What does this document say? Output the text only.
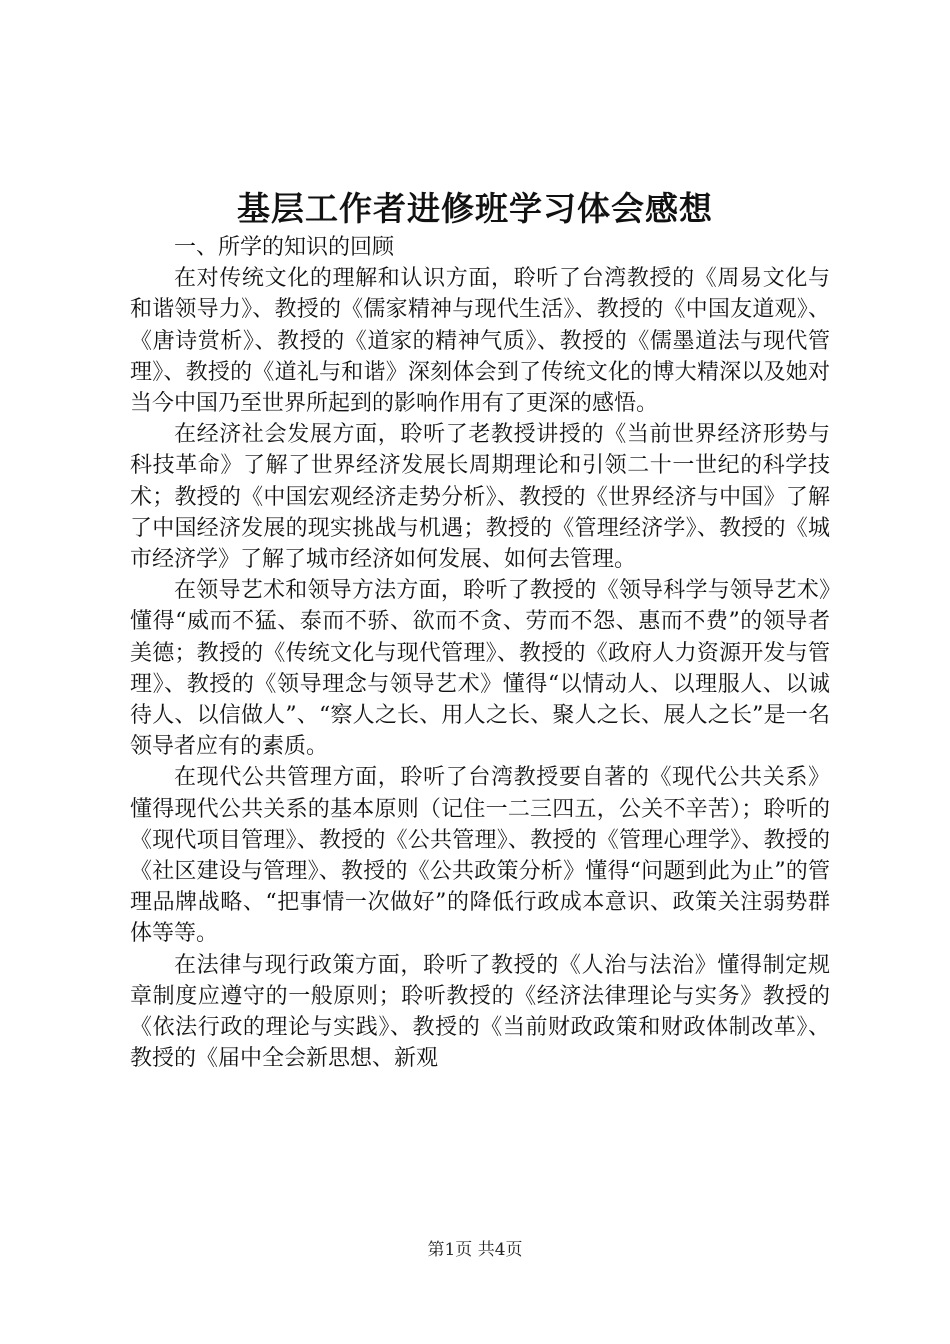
基层工作者进修班学习体会感想

一、所学的知识的回顾

在对传统文化的理解和认识方面，聆听了台湾教授的《周易文化与和谐领导力》、教授的《儒家精神与现代生活》、教授的《中国友道观》、《唐诗赏析》、教授的《道家的精神气质》、教授的《儒墨道法与现代管理》、教授的《道礼与和谐》深刻体会到了传统文化的博大精深以及她对当今中国乃至世界所起到的影响作用有了更深的感悟。

在经济社会发展方面，聆听了老教授讲授的《当前世界经济形势与科技革命》了解了世界经济发展长周期理论和引领二十一世纪的科学技术；教授的《中国宏观经济走势分析》、教授的《世界经济与中国》了解了中国经济发展的现实挑战与机遇；教授的《管理经济学》、教授的《城市经济学》了解了城市经济如何发展、如何去管理。

在领导艺术和领导方法方面，聆听了教授的《领导科学与领导艺术》懂得“威而不猛、泰而不骄、欲而不贪、劳而不怨、惠而不费”的领导者美德；教授的《传统文化与现代管理》、教授的《政府人力资源开发与管理》、教授的《领导理念与领导艺术》懂得“以情动人、以理服人、以诚待人、以信做人”、“察人之长、用人之长、聚人之长、展人之长”是一名领导者应有的素质。

在现代公共管理方面，聆听了台湾教授要自著的《现代公共关系》懂得现代公共关系的基本原则（记住一二三四五，公关不辛苦）；聆听的《现代项目管理》、教授的《公共管理》、教授的《管理心理学》、教授的《社区建设与管理》、教授的《公共政策分析》懂得“问题到此为止”的管理品牌战略、“把事情一次做好”的降低行政成本意识、政策关注弱势群体等等。

在法律与现行政策方面，聆听了教授的《人治与法治》懂得制定规章制度应遵守的一般原则；聆听教授的《经济法律理论与实务》教授的《依法行政的理论与实践》、教授的《当前财政政策和财政体制改革》、教授的《届中全会新思想、新观

第1页 共4页
